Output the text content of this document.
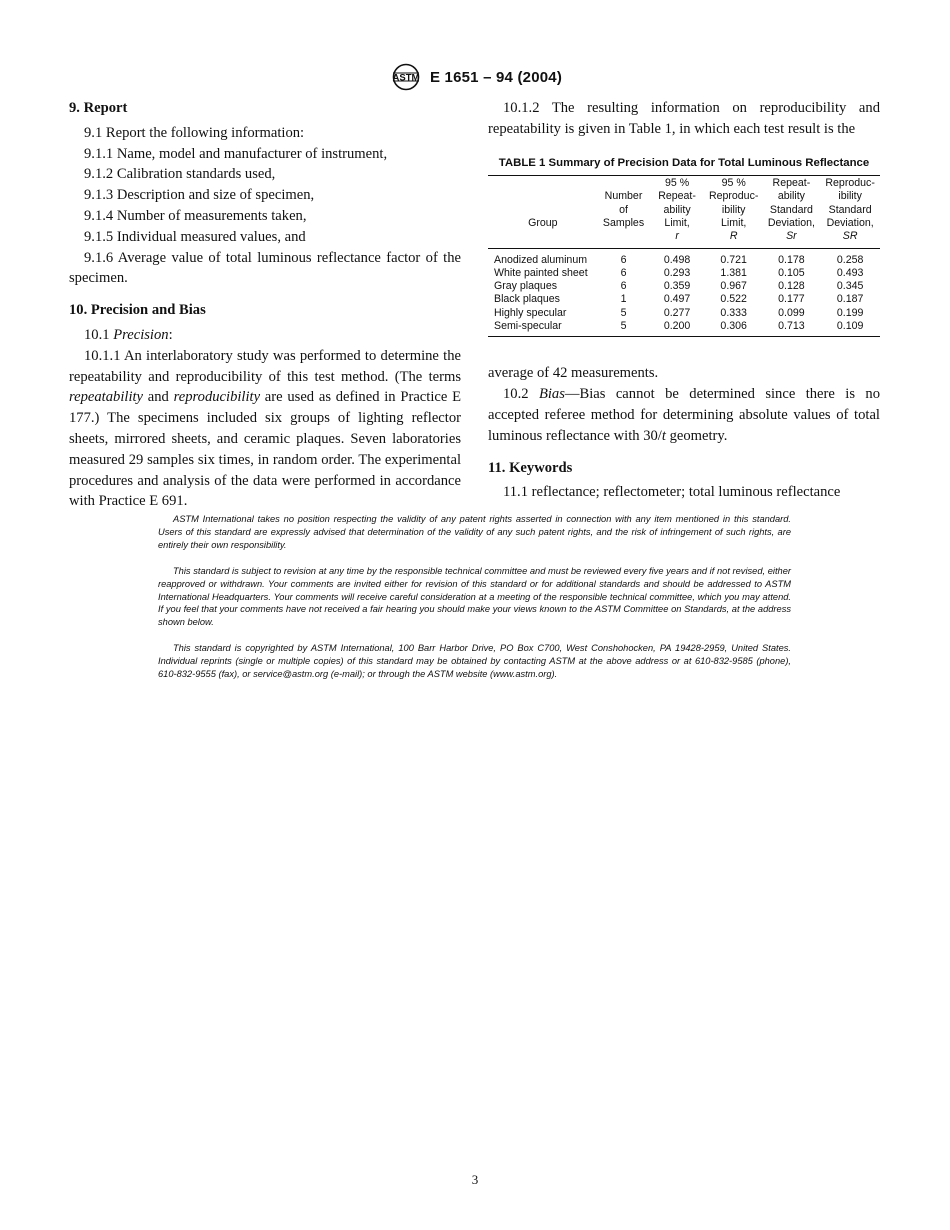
ASTM E 1651 – 94 (2004)
9. Report

9.1 Report the following information:

9.1.1 Name, model and manufacturer of instrument,

9.1.2 Calibration standards used,

9.1.3 Description and size of specimen,

9.1.4 Number of measurements taken,

9.1.5 Individual measured values, and

9.1.6 Average value of total luminous reflectance factor of the specimen.

10. Precision and Bias

10.1 Precision:

10.1.1 An interlaboratory study was performed to determine the repeatability and reproducibility of this test method. (The terms repeatability and reproducibility are used as defined in Practice E 177.) The specimens included six groups of lighting reflector sheets, mirrored sheets, and ceramic plaques. Seven laboratories measured 29 samples six times, in random order. The experimental procedures and analysis of the data were performed in accordance with Practice E 691.

10.1.2 The resulting information on reproducibility and repeatability is given in Table 1, in which each test result is the

TABLE 1 Summary of Precision Data for Total Luminous Reflectance
Group	Number
of
Samples	95 %
Repeat-
ability
Limit,
r	95 %
Reproduc-
ibility
Limit,
R	Repeat-
ability
Standard
Deviation,
Sr	Reproduc-
ibility
Standard
Deviation,
SR
Anodized aluminum	6	0.498	0.721	0.178	0.258
White painted sheet	6	0.293	1.381	0.105	0.493
Gray plaques	6	0.359	0.967	0.128	0.345
Black plaques	1	0.497	0.522	0.177	0.187
Highly specular	5	0.277	0.333	0.099	0.199
Semi-specular	5	0.200	0.306	0.713	0.109

average of 42 measurements.

10.2 Bias—Bias cannot be determined since there is no accepted referee method for determining absolute values of total luminous reflectance with 30/t geometry.

11. Keywords

11.1 reflectance; reflectometer; total luminous reflectance

ASTM International takes no position respecting the validity of any patent rights asserted in connection with any item mentioned in this standard. Users of this standard are expressly advised that determination of the validity of any such patent rights, and the risk of infringement of such rights, are entirely their own responsibility.

This standard is subject to revision at any time by the responsible technical committee and must be reviewed every five years and if not revised, either reapproved or withdrawn. Your comments are invited either for revision of this standard or for additional standards and should be addressed to ASTM International Headquarters. Your comments will receive careful consideration at a meeting of the responsible technical committee, which you may attend. If you feel that your comments have not received a fair hearing you should make your views known to the ASTM Committee on Standards, at the address shown below.

This standard is copyrighted by ASTM International, 100 Barr Harbor Drive, PO Box C700, West Conshohocken, PA 19428-2959, United States. Individual reprints (single or multiple copies) of this standard may be obtained by contacting ASTM at the above address or at 610-832-9585 (phone), 610-832-9555 (fax), or service@astm.org (e-mail); or through the ASTM website (www.astm.org).

3
